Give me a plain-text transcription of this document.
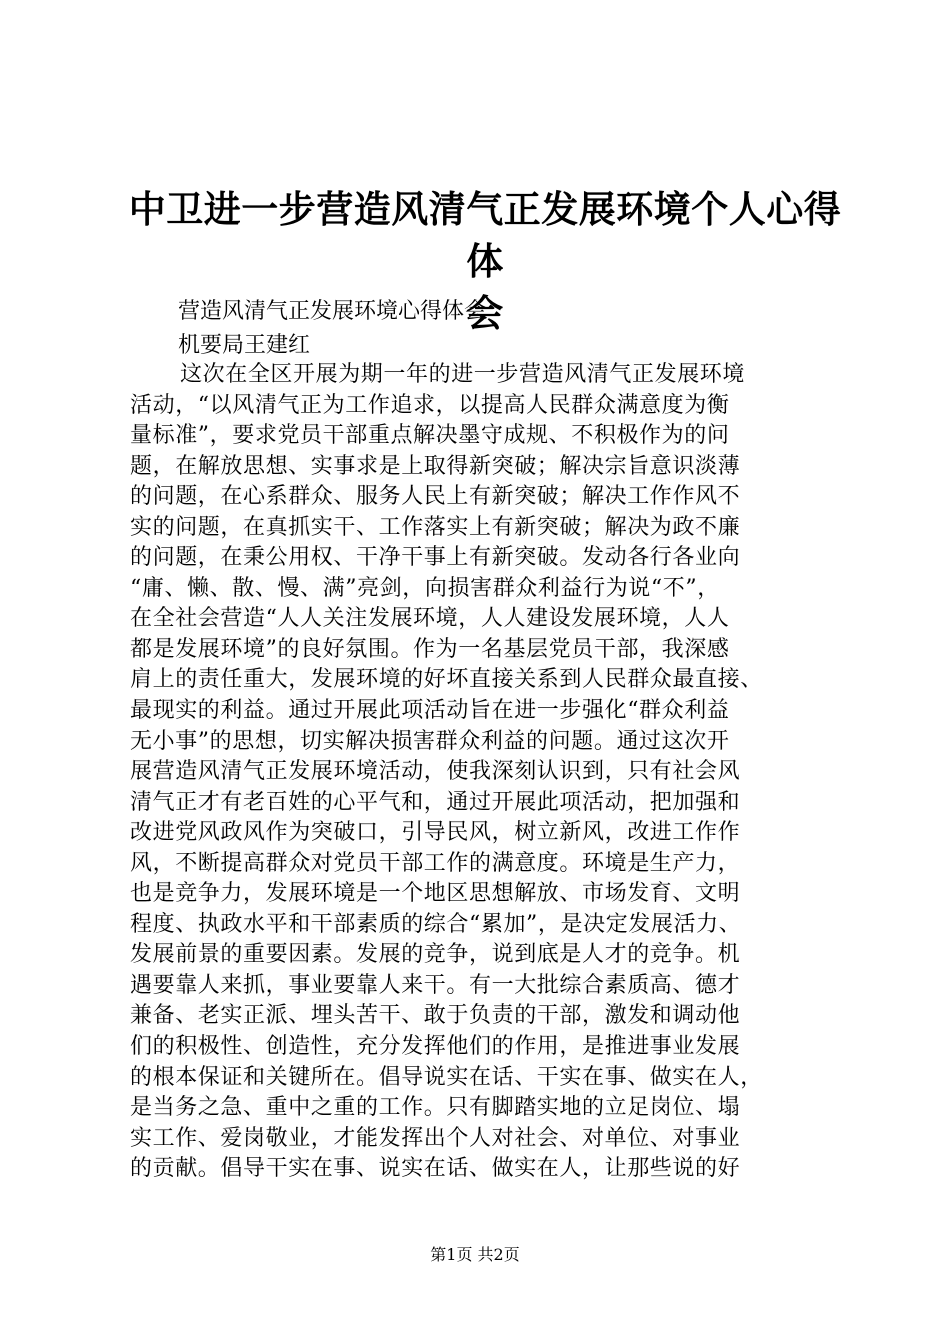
中卫进一步营造风清气正发展环境个人心得体
会
营造风清气正发展环境心得体会
机要局王建红
这次在全区开展为期一年的进一步营造风清气正发展环境
活动，“以风清气正为工作追求，以提高人民群众满意度为衡
量标准”，要求党员干部重点解决墨守成规、不积极作为的问
题，在解放思想、实事求是上取得新突破；解决宗旨意识淡薄
的问题，在心系群众、服务人民上有新突破；解决工作作风不
实的问题，在真抓实干、工作落实上有新突破；解决为政不廉
的问题，在秉公用权、干净干事上有新突破。发动各行各业向
“庸、懒、散、慢、满”亮剑，向损害群众利益行为说“不”，
在全社会营造“人人关注发展环境，人人建设发展环境，人人
都是发展环境”的良好氛围。作为一名基层党员干部，我深感
肩上的责任重大，发展环境的好坏直接关系到人民群众最直接、
最现实的利益。通过开展此项活动旨在进一步强化“群众利益
无小事”的思想，切实解决损害群众利益的问题。通过这次开
展营造风清气正发展环境活动，使我深刻认识到，只有社会风
清气正才有老百姓的心平气和，通过开展此项活动，把加强和
改进党风政风作为突破口，引导民风，树立新风，改进工作作
风，不断提高群众对党员干部工作的满意度。环境是生产力，
也是竞争力，发展环境是一个地区思想解放、市场发育、文明
程度、执政水平和干部素质的综合“累加”，是决定发展活力、
发展前景的重要因素。发展的竞争，说到底是人才的竞争。机
遇要靠人来抓，事业要靠人来干。有一大批综合素质高、德才
兼备、老实正派、埋头苦干、敢于负责的干部，激发和调动他
们的积极性、创造性，充分发挥他们的作用，是推进事业发展
的根本保证和关键所在。倡导说实在话、干实在事、做实在人，
是当务之急、重中之重的工作。只有脚踏实地的立足岗位、塌
实工作、爱岗敬业，才能发挥出个人对社会、对单位、对事业
的贡献。倡导干实在事、说实在话、做实在人，让那些说的好
第1页 共2页
